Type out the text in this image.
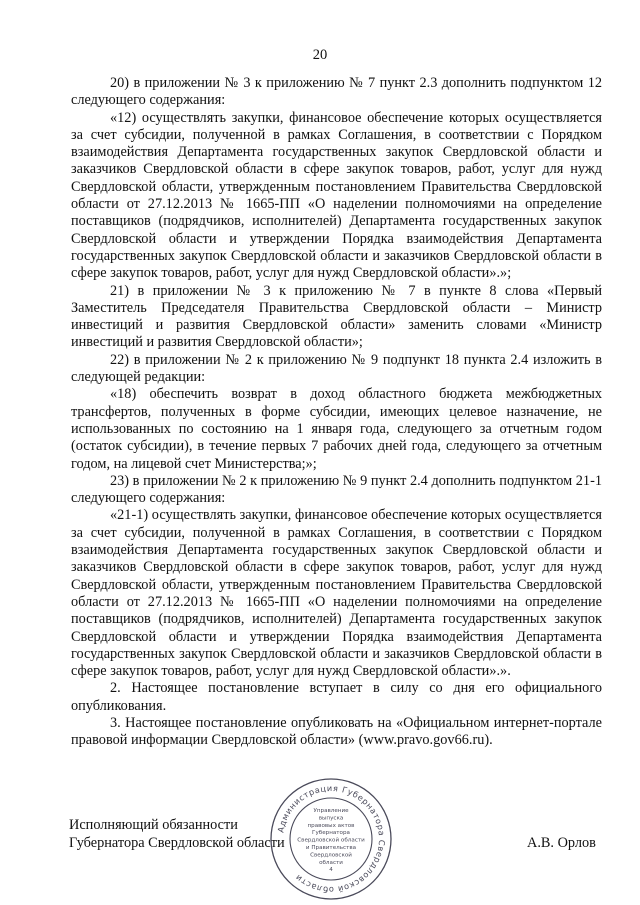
20

20) в приложении № 3 к приложению № 7 пункт 2.3 дополнить подпунктом 12 следующего содержания:

«12) осуществлять закупки, финансовое обеспечение которых осуществляется за счет субсидии, полученной в рамках Соглашения, в соответствии с Порядком взаимодействия Департамента государственных закупок Свердловской области и заказчиков Свердловской области в сфере закупок товаров, работ, услуг для нужд Свердловской области, утвержденным постановлением Правительства Свердловской области от 27.12.2013 № 1665-ПП «О наделении полномочиями на определение поставщиков (подрядчиков, исполнителей) Департамента государственных закупок Свердловской области и утверждении Порядка взаимодействия Департамента государственных закупок Свердловской области и заказчиков Свердловской области в сфере закупок товаров, работ, услуг для нужд Свердловской области».»;

21) в приложении № 3 к приложению № 7 в пункте 8 слова «Первый Заместитель Председателя Правительства Свердловской области – Министр инвестиций и развития Свердловской области» заменить словами «Министр инвестиций и развития Свердловской области»;

22) в приложении № 2 к приложению № 9 подпункт 18 пункта 2.4 изложить в следующей редакции:

«18) обеспечить возврат в доход областного бюджета межбюджетных трансфертов, полученных в форме субсидии, имеющих целевое назначение, не использованных по состоянию на 1 января года, следующего за отчетным годом (остаток субсидии), в течение первых 7 рабочих дней года, следующего за отчетным годом, на лицевой счет Министерства;»;

23) в приложении № 2 к приложению № 9 пункт 2.4 дополнить подпунктом 21-1 следующего содержания:

«21-1) осуществлять закупки, финансовое обеспечение которых осуществляется за счет субсидии, полученной в рамках Соглашения, в соответствии с Порядком взаимодействия Департамента государственных закупок Свердловской области и заказчиков Свердловской области в сфере закупок товаров, работ, услуг для нужд Свердловской области, утвержденным постановлением Правительства Свердловской области от 27.12.2013 № 1665-ПП «О наделении полномочиями на определение поставщиков (подрядчиков, исполнителей) Департамента государственных закупок Свердловской области и утверждении Порядка взаимодействия Департамента государственных закупок Свердловской области и заказчиков Свердловской области в сфере закупок товаров, работ, услуг для нужд Свердловской области».».

2. Настоящее постановление вступает в силу со дня его официального опубликования.

3. Настоящее постановление опубликовать на «Официальном интернет-портале правовой информации Свердловской области» (www.pravo.gov66.ru).

Исполняющий обязанности
Губернатора Свердловской области	А.В. Орлов
Администрация Губернатора Свердловской области
Управление
выпуска
правовых актов
Губернатора
Свердловской области
и Правительства
Свердловской
области
4
